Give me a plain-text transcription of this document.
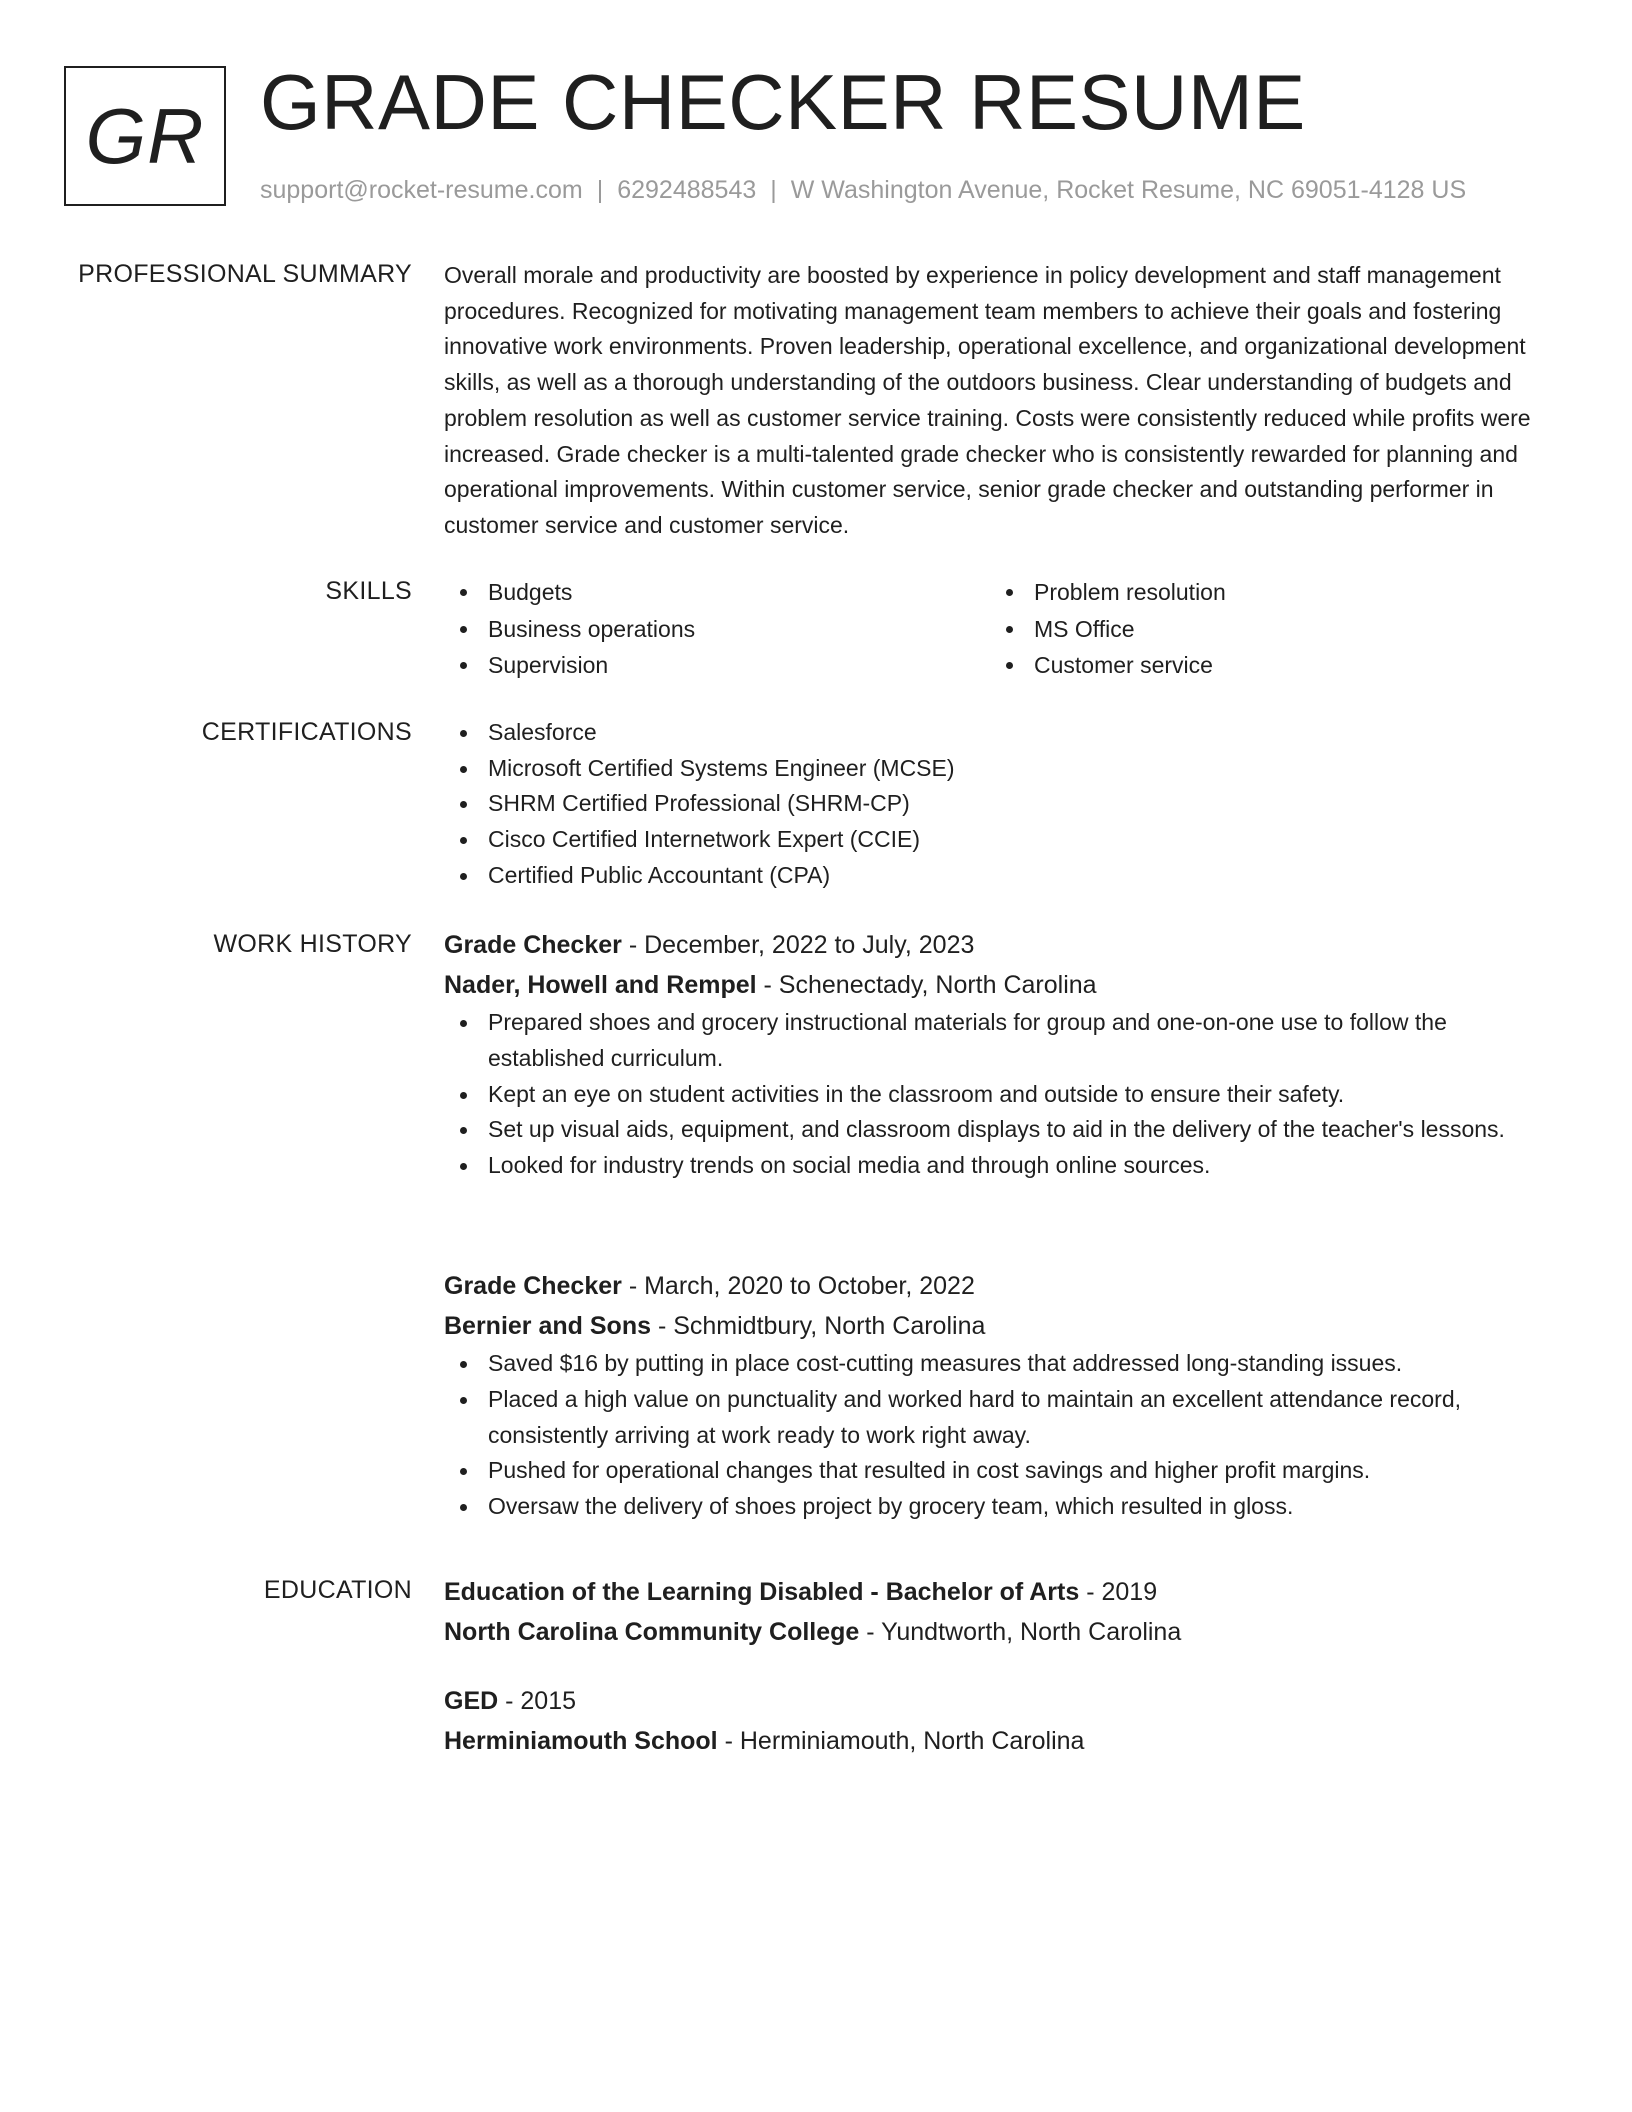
GR GRADE CHECKER RESUME
support@rocket-resume.com | 6292488543 | W Washington Avenue, Rocket Resume, NC 69051-4128 US
PROFESSIONAL SUMMARY Overall morale and productivity are boosted by experience in policy development and staff management procedures. Recognized for motivating management team members to achieve their goals and fostering innovative work environments. Proven leadership, operational excellence, and organizational development skills, as well as a thorough understanding of the outdoors business. Clear understanding of budgets and problem resolution as well as customer service training. Costs were consistently reduced while profits were increased. Grade checker is a multi-talented grade checker who is consistently rewarded for planning and operational improvements. Within customer service, senior grade checker and outstanding performer in customer service and customer service.

SKILLS	Budgets
Business operations
Supervision
Problem resolution
MS Office
Customer service
CERTIFICATIONS	Salesforce
Microsoft Certified Systems Engineer (MCSE)
SHRM Certified Professional (SHRM-CP)
Cisco Certified Internetwork Expert (CCIE)
Certified Public Accountant (CPA)
WORK HISTORY Grade Checker - December, 2022 to July, 2023
Nader, Howell and Rempel - Schenectady, North Carolina
Prepared shoes and grocery instructional materials for group and one-on-one use to follow the established curriculum.
Kept an eye on student activities in the classroom and outside to ensure their safety.
Set up visual aids, equipment, and classroom displays to aid in the delivery of the teacher's lessons.
Looked for industry trends on social media and through online sources.
Grade Checker - March, 2020 to October, 2022
Bernier and Sons - Schmidtbury, North Carolina
Saved $16 by putting in place cost-cutting measures that addressed long-standing issues.
Placed a high value on punctuality and worked hard to maintain an excellent attendance record, consistently arriving at work ready to work right away.
Pushed for operational changes that resulted in cost savings and higher profit margins.
Oversaw the delivery of shoes project by grocery team, which resulted in gloss.
EDUCATION Education of the Learning Disabled - Bachelor of Arts - 2019
North Carolina Community College - Yundtworth, North Carolina
GED - 2015
Herminiamouth School - Herminiamouth, North Carolina
